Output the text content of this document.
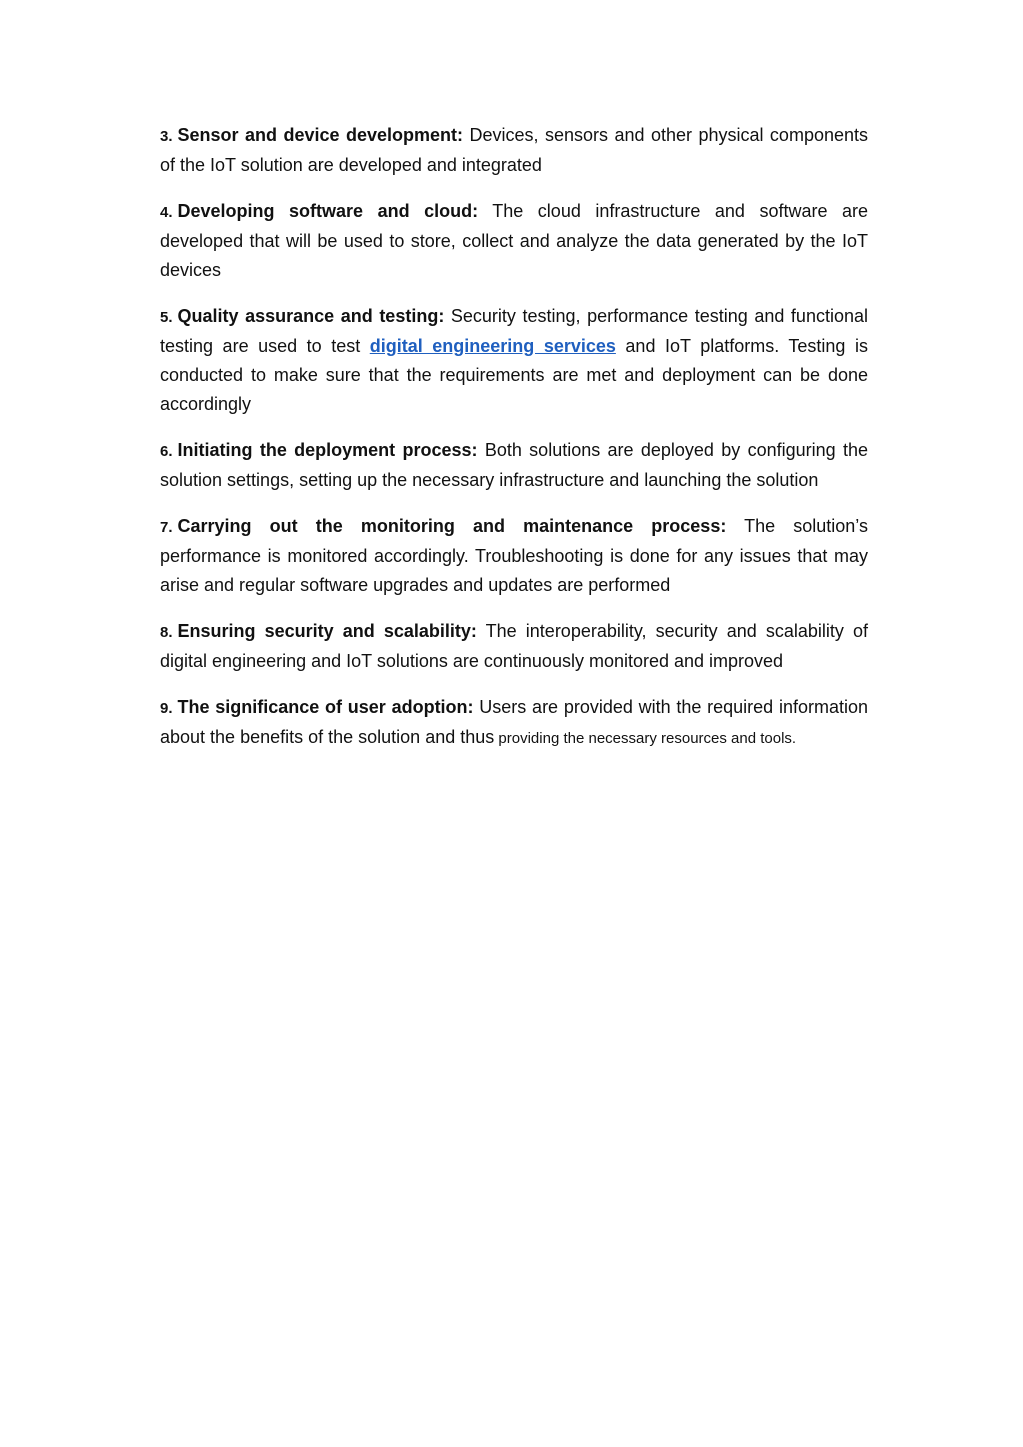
3. Sensor and device development: Devices, sensors and other physical components of the IoT solution are developed and integrated

4. Developing software and cloud: The cloud infrastructure and software are developed that will be used to store, collect and analyze the data generated by the IoT devices

5. Quality assurance and testing: Security testing, performance testing and functional testing are used to test digital engineering services and IoT platforms. Testing is conducted to make sure that the requirements are met and deployment can be done accordingly

6. Initiating the deployment process: Both solutions are deployed by configuring the solution settings, setting up the necessary infrastructure and launching the solution

7. Carrying out the monitoring and maintenance process: The solution’s performance is monitored accordingly. Troubleshooting is done for any issues that may arise and regular software upgrades and updates are performed

8. Ensuring security and scalability: The interoperability, security and scalability of digital engineering and IoT solutions are continuously monitored and improved

9. The significance of user adoption: Users are provided with the required information about the benefits of the solution and thus providing the necessary resources and tools.
